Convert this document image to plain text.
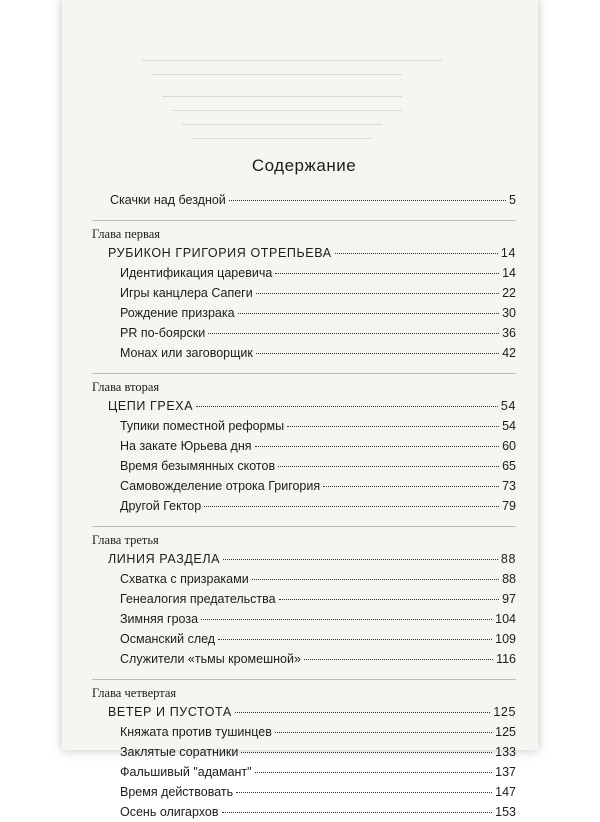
Содержание
Скачки над бездной	5
Глава первая
РУБИКОН ГРИГОРИЯ ОТРЕПЬЕВА	14
Идентификация царевича	14
Игры канцлера Сапеги	22
Рождение призрака	30
PR по-боярски	36
Монах или заговорщик	42
Глава вторая
ЦЕПИ ГРЕХА	54
Тупики поместной реформы	54
На закате Юрьева дня	60
Время безымянных скотов	65
Самовожделение отрока Григория	73
Другой Гектор	79
Глава третья
ЛИНИЯ РАЗДЕЛА	88
Схватка с призраками	88
Генеалогия предательства	97
Зимняя гроза	104
Османский след	109
Служители «тьмы кромешной»	116
Глава четвертая
ВЕТЕР И ПУСТОТА	125
Княжата против тушинцев	125
Заклятые соратники	133
Фальшивый "адамант"	137
Время действовать	147
Осень олигархов	153
